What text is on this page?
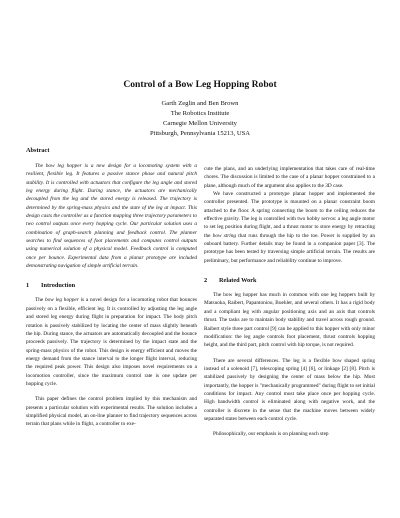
Control of a Bow Leg Hopping Robot
Garth Zeglin and Ben Brown
The Robotics Institute
Carnegie Mellon University
Pittsburgh, Pennsylvania 15213, USA
Abstract

The bow leg hopper is a new design for a locomoting system with a resilient, flexible leg. It features a passive stance phase and natural pitch stability. It is controlled with actuators that configure the leg angle and stored leg energy during flight. During stance, the actuators are mechanically decoupled from the leg and the stored energy is released. The trajectory is determined by the spring-mass physics and the state of the leg at impact. This design casts the controller as a function mapping three trajectory parameters to two control outputs once every hopping cycle. Our particular solution uses a combination of graph-search planning and feedback control. The planner searches to find sequences of foot placements and computes control outputs using numerical solution of a physical model. Feedback control is computed once per bounce. Experimental data from a planar prototype are included demonstrating navigation of simple artificial terrain.

1 Introduction

The bow leg hopper is a novel design for a locomoting robot that bounces passively on a flexible, efficient leg. It is controlled by adjusting the leg angle and stored leg energy during flight in preparation for impact. The body pitch rotation is passively stabilized by locating the center of mass slightly beneath the hip. During stance, the actuators are automatically decoupled and the bounce proceeds passively. The trajectory is determined by the impact state and the spring-mass physics of the robot. This design is energy efficient and moves the energy demand from the stance interval to the longer flight interval, reducing the required peak power. This design also imposes novel requirements on a locomotion controller, since the maximum control rate is one update per hopping cycle.

This paper defines the control problem implied by this mechanism and presents a particular solution with experimental results. The solution includes a simplified physical model, an on-line planner to find trajectory sequences across terrain that plans while in flight, a controller to exe-

cute the plans, and an underlying implementation that takes care of real-time chores. The discussion is limited to the case of a planar hopper constrained to a plane, although much of the argument also applies to the 3D case.

We have constructed a prototype planar hopper and implemented the controller presented. The prototype is mounted on a planar constraint boom attached to the floor. A spring connecting the boom to the ceiling reduces the effective gravity. The leg is controlled with two hobby servos: a leg angle motor to set leg position during flight, and a thrust motor to store energy by retracting the bow string that runs through the hip to the toe. Power is supplied by an onboard battery. Further details may be found in a companion paper [3]. The prototype has been tested by traversing simple artificial terrain. The results are preliminary, but performance and reliability continue to improve.

2 Related Work

The bow leg hopper has much in common with one leg hoppers built by Matsuoka, Raibert, Papantoniou, Buehler, and several others. It has a rigid body and a compliant leg with angular positioning axis and an axis that controls thrust. The tasks are to maintain body stability and travel across rough ground. Raibert style three part control [9] can be applied to this hopper with only minor modification: the leg angle controls foot placement, thrust controls hopping height, and the third part, pitch control with hip torque, is not required.

There are several differences. The leg is a flexible bow shaped spring instead of a solenoid [7], telescoping spring [4] [6], or linkage [2] [8]. Pitch is stabilized passively by designing the center of mass below the hip. Most importantly, the hopper is "mechanically programmed" during flight to set initial conditions for impact. Any control must take place once per hopping cycle. High bandwidth control is eliminated along with negative work, and the controller is discrete in the sense that the machine moves between widely separated states between each control cycle.

Philosophically, our emphasis is on planning each step
